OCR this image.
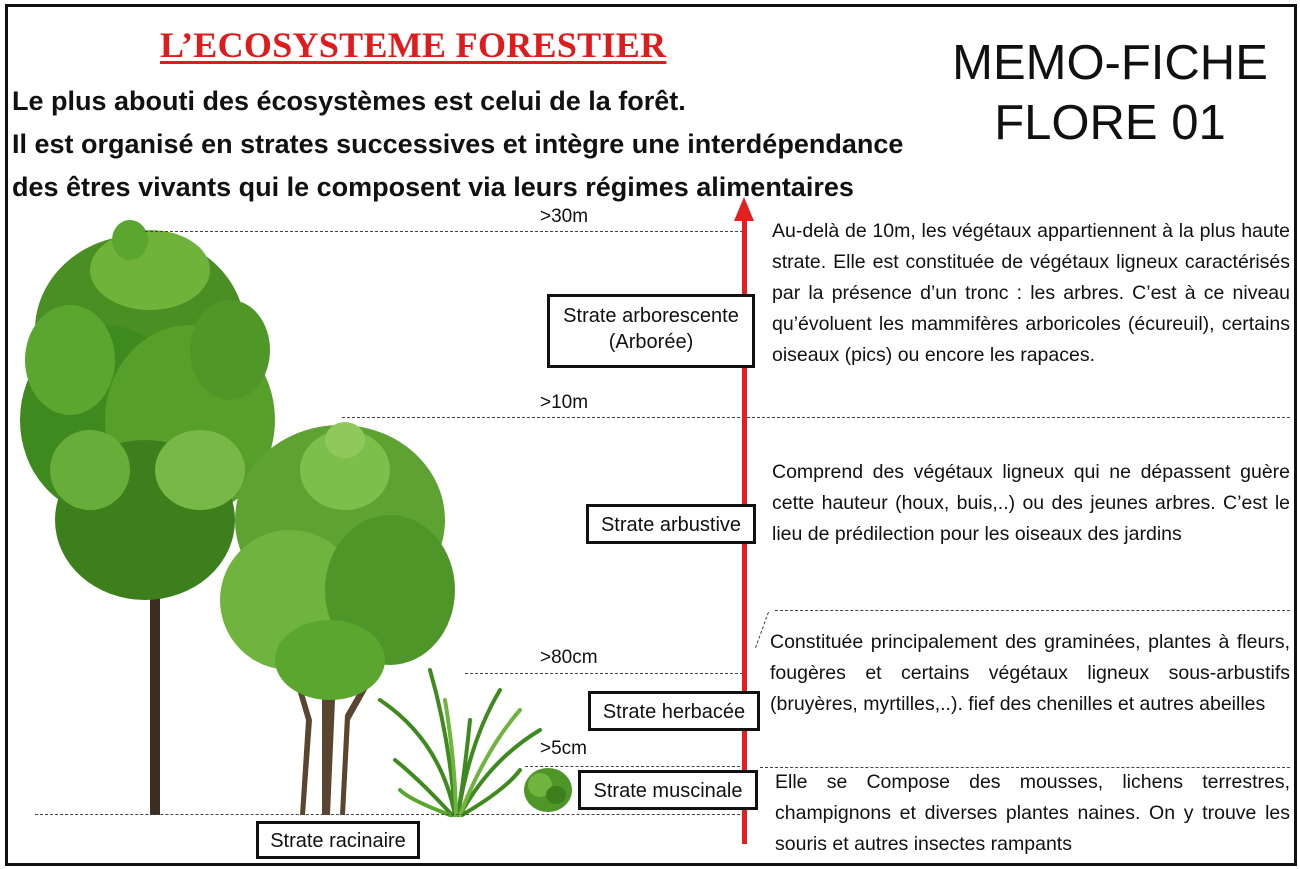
L’ECOSYSTEME FORESTIER	MEMO-FICHE
FLORE 01
Le plus abouti des écosystèmes est celui de la forêt.
Il est organisé en strates successives et intègre une interdépendance
des êtres vivants qui le composent via leurs régimes alimentaires
>30m
>10m
>80cm
>5cm
Strate arborescente
(Arborée)
Strate arbustive
Strate herbacée
Strate muscinale
Strate racinaire
Au-delà de 10m, les végétaux appartiennent à la plus haute strate. Elle est constituée de végétaux ligneux caractérisés par la présence d’un tronc : les arbres. C’est à ce niveau qu’évoluent les mammifères arboricoles (écureuil), certains oiseaux (pics) ou encore les rapaces.
Comprend des végétaux ligneux qui ne dépassent guère cette hauteur (houx, buis,..) ou des jeunes arbres. C’est le lieu de prédilection pour les oiseaux des jardins
Constituée principalement des graminées, plantes à fleurs, fougères et certains végétaux ligneux sous-arbustifs (bruyères, myrtilles,..). fief des chenilles et autres abeilles
Elle se Compose des mousses, lichens terrestres, champignons et diverses plantes naines. On y trouve les souris et autres insectes rampants
